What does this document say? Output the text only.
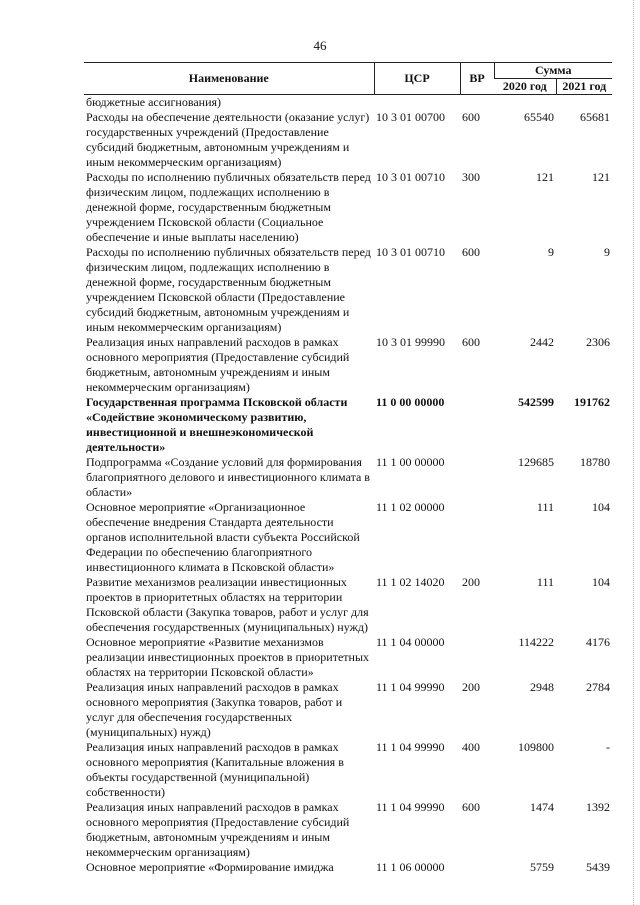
46
Наименование	ЦСР	ВР	Сумма	
			2020 год	2021 год
бюджетные ассигнования)				
Расходы на обеспечение деятельности (оказание услуг) государственных учреждений (Предоставление субсидий бюджетным, автономным учреждениям и иным некоммерческим организациям)	10 3 01 00700	600	65540	65681
Расходы по исполнению публичных обязательств перед физическим лицом, подлежащих исполнению в денежной форме, государственным бюджетным учреждением Псковской области (Социальное обеспечение и иные выплаты населению)	10 3 01 00710	300	121	121
Расходы по исполнению публичных обязательств перед физическим лицом, подлежащих исполнению в денежной форме, государственным бюджетным учреждением Псковской области (Предоставление субсидий бюджетным, автономным учреждениям и иным некоммерческим организациям)	10 3 01 00710	600	9	9
Реализация иных направлений расходов в рамках основного мероприятия (Предоставление субсидий бюджетным, автономным учреждениям и иным некоммерческим организациям)	10 3 01 99990	600	2442	2306
Государственная программа Псковской области «Содействие экономическому развитию, инвестиционной и внешнеэкономической деятельности»	11 0 00 00000		542599	191762
Подпрограмма «Создание условий для формирования благоприятного делового и инвестиционного климата в области»	11 1 00 00000		129685	18780
Основное мероприятие «Организационное обеспечение внедрения Стандарта деятельности органов исполнительной власти субъекта Российской Федерации по обеспечению благоприятного инвестиционного климата в Псковской области»	11 1 02 00000		111	104
Развитие механизмов реализации инвестиционных проектов в приоритетных областях на территории Псковской области (Закупка товаров, работ и услуг для обеспечения государственных (муниципальных) нужд)	11 1 02 14020	200	111	104
Основное мероприятие «Развитие механизмов реализации инвестиционных проектов в приоритетных областях на территории Псковской области»	11 1 04 00000		114222	4176
Реализация иных направлений расходов в рамках основного мероприятия (Закупка товаров, работ и услуг для обеспечения государственных (муниципальных) нужд)	11 1 04 99990	200	2948	2784
Реализация иных направлений расходов в рамках основного мероприятия (Капитальные вложения в объекты государственной (муниципальной) собственности)	11 1 04 99990	400	109800	-
Реализация иных направлений расходов в рамках основного мероприятия (Предоставление субсидий бюджетным, автономным учреждениям и иным некоммерческим организациям)	11 1 04 99990	600	1474	1392
Основное мероприятие «Формирование имиджа	11 1 06 00000		5759	5439
